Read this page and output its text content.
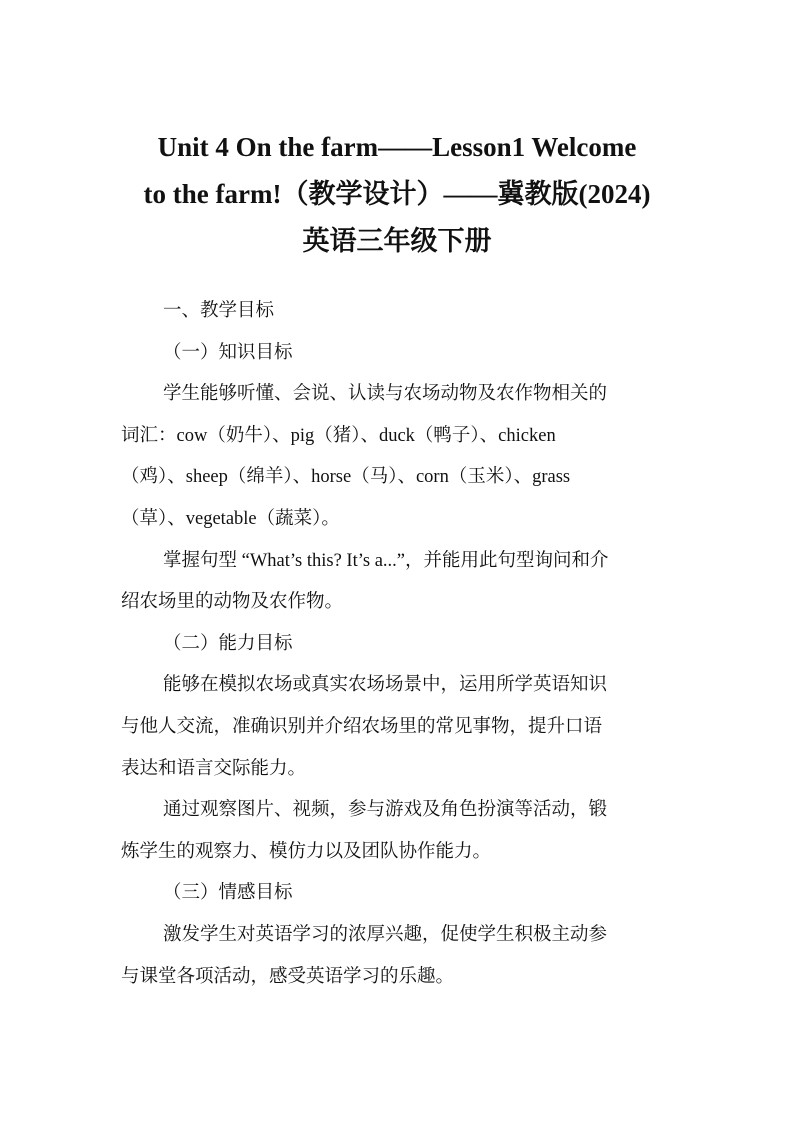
Unit 4 On the farm——Lesson1 Welcome
to the farm!（教学设计）——冀教版(2024)
英语三年级下册

一、教学目标

（一）知识目标

学生能够听懂、会说、认读与农场动物及农作物相关的
词汇：cow（奶牛）、pig（猪）、duck（鸭子）、chicken
（鸡）、sheep（绵羊）、horse（马）、corn（玉米）、grass
（草）、vegetable（蔬菜）。

掌握句型 “What’s this? It’s a...”，并能用此句型询问和介
绍农场里的动物及农作物。

（二）能力目标

能够在模拟农场或真实农场场景中，运用所学英语知识
与他人交流，准确识别并介绍农场里的常见事物，提升口语
表达和语言交际能力。

通过观察图片、视频，参与游戏及角色扮演等活动，锻
炼学生的观察力、模仿力以及团队协作能力。

（三）情感目标

激发学生对英语学习的浓厚兴趣，促使学生积极主动参
与课堂各项活动，感受英语学习的乐趣。
